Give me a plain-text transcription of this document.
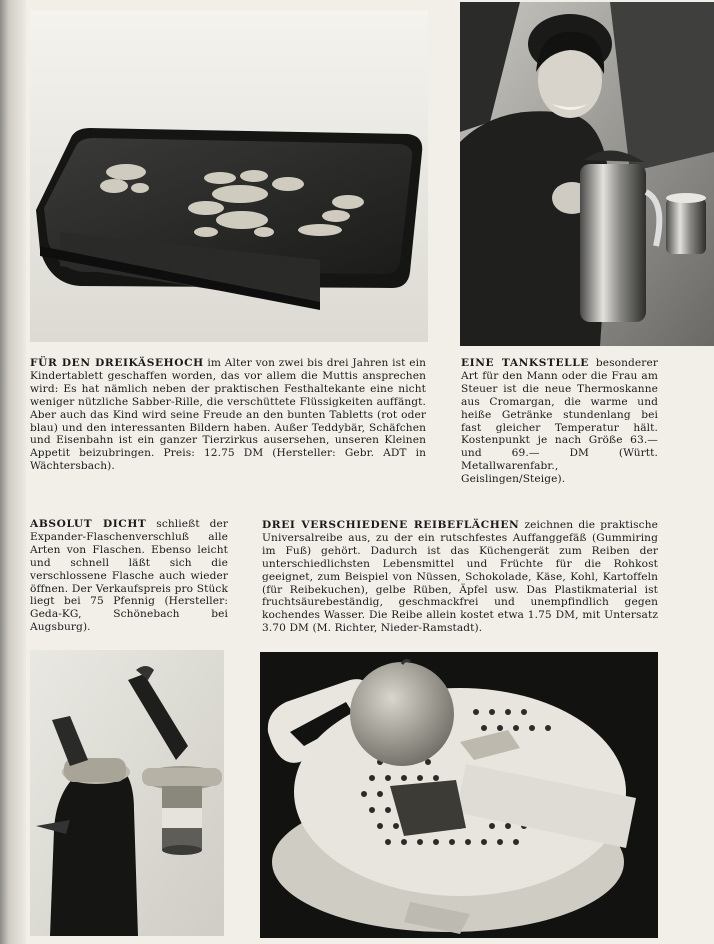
FÜR DEN DREIKÄSEHOCH im Alter von zwei bis drei Jahren ist ein Kindertablett geschaffen worden, das vor allem die Muttis ansprechen wird: Es hat nämlich neben der praktischen Festhaltekante eine nicht weniger nützliche Sabber-Rille, die verschüttete Flüssigkeiten auffängt. Aber auch das Kind wird seine Freude an den bunten Tabletts (rot oder blau) und den interessanten Bildern haben. Außer Teddybär, Schäfchen und Eisenbahn ist ein ganzer Tierzirkus ausersehen, unseren Kleinen Appetit beizubringen. Preis: 12.75 DM (Hersteller: Gebr. ADT in Wächtersbach).

EINE TANKSTELLE besonderer Art für den Mann oder die Frau am Steuer ist die neue Thermoskanne aus Cromargan, die warme und heiße Getränke stundenlang bei fast gleicher Temperatur hält. Kostenpunkt je nach Größe 63.— und 69.— DM (Württ. Metallwarenfabr., Geislingen/Steige).

ABSOLUT DICHT schließt der Expander-Flaschenverschluß alle Arten von Flaschen. Ebenso leicht und schnell läßt sich die verschlossene Flasche auch wieder öffnen. Der Verkaufspreis pro Stück liegt bei 75 Pfennig (Hersteller: Geda-KG, Schönebach bei Augsburg).

DREI VERSCHIEDENE REIBEFLÄCHEN zeichnen die praktische Universalreibe aus, zu der ein rutschfestes Auffanggefäß (Gummiring im Fuß) gehört. Dadurch ist das Küchengerät zum Reiben der unterschiedlichsten Lebensmittel und Früchte für die Rohkost geeignet, zum Beispiel von Nüssen, Schokolade, Käse, Kohl, Kartoffeln (für Reibekuchen), gelbe Rüben, Äpfel usw. Das Plastikmaterial ist fruchtsäurebeständig, geschmackfrei und unempfindlich gegen kochendes Wasser. Die Reibe allein kostet etwa 1.75 DM, mit Untersatz 3.70 DM (M. Richter, Nieder-Ramstadt).
